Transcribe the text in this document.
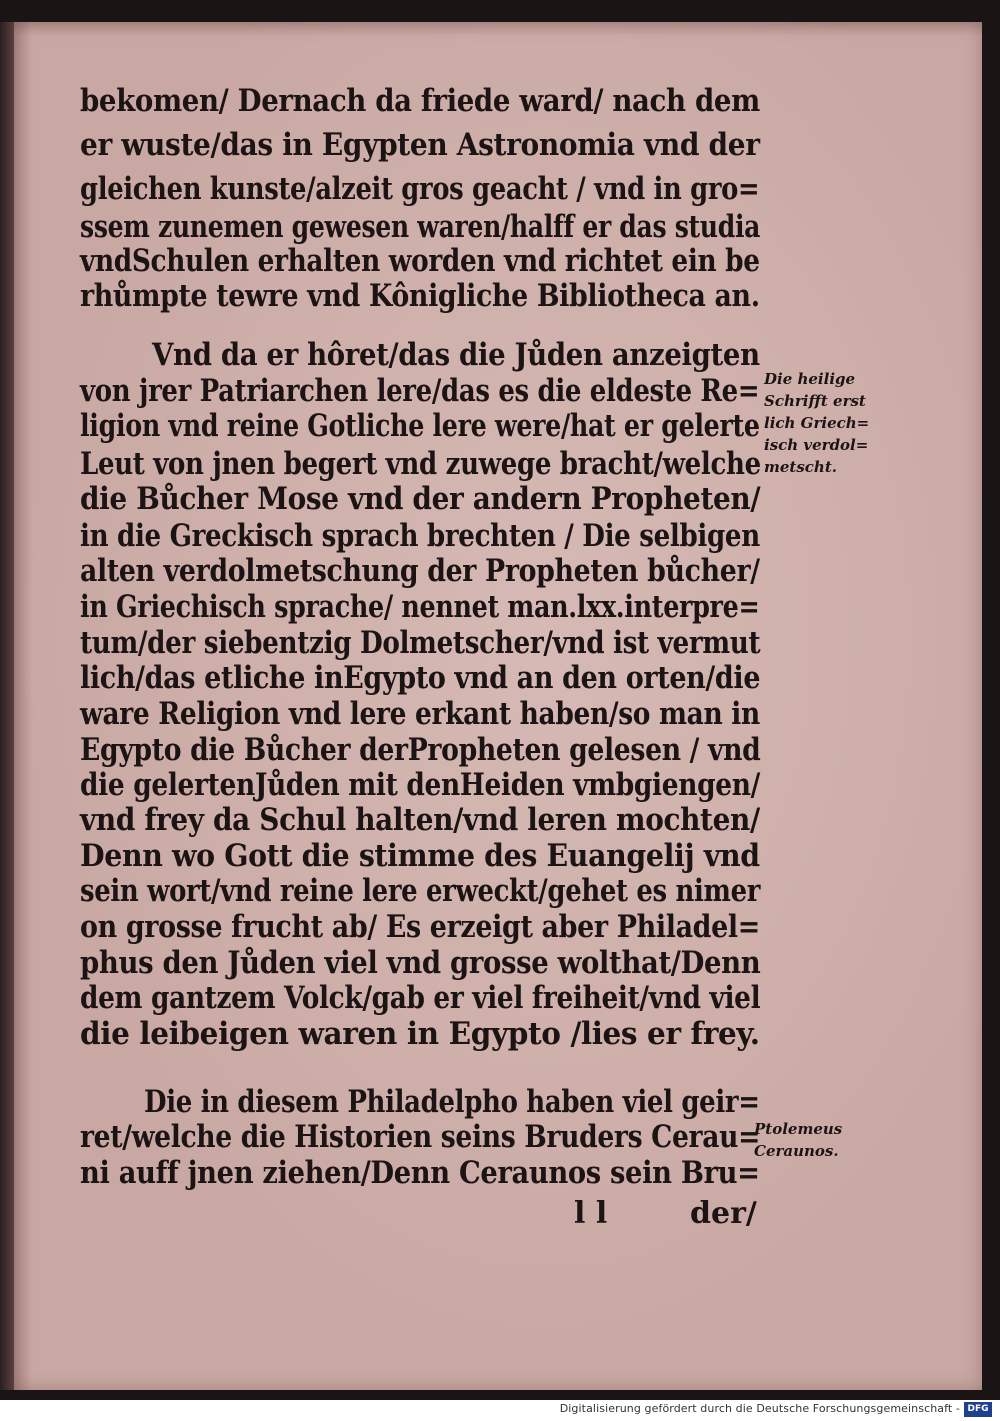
bekomen/ Dernach da friede ward/ nach dem
er wuste/das in Egypten Astronomia vnd der
gleichen kunste/alzeit gros geacht / vnd in gro=
ssem zunemen gewesen waren/halff er das studia
vndSchulen erhalten worden vnd richtet ein be
rhůmpte tewre vnd Kônigliche Bibliotheca an.
Vnd da er hôret/das die Jůden anzeigten
von jrer Patriarchen lere/das es die eldeste Re=
ligion vnd reine Gotliche lere were/hat er gelerte
Leut von jnen begert vnd zuwege bracht/welche
die Bůcher Mose vnd der andern Propheten/
in die Greckisch sprach brechten / Die selbigen
alten verdolmetschung der Propheten bůcher/
in Griechisch sprache/ nennet man.lxx.interpre=
tum/der siebentzig Dolmetscher/vnd ist vermut
lich/das etliche inEgypto vnd an den orten/die
ware Religion vnd lere erkant haben/so man in
Egypto die Bůcher derPropheten gelesen / vnd
die gelertenJůden mit denHeiden vmbgiengen/
vnd frey da Schul halten/vnd leren mochten/
Denn wo Gott die stimme des Euangelij vnd
sein wort/vnd reine lere erweckt/gehet es nimer
on grosse frucht ab/ Es erzeigt aber Philadel=
phus den Jůden viel vnd grosse wolthat/Denn
dem gantzem Volck/gab er viel freiheit/vnd viel
die leibeigen waren in Egypto /lies er frey.
Die in diesem Philadelpho haben viel geir=
ret/welche die Historien seins Bruders Cerau=
ni auff jnen ziehen/Denn Ceraunos sein Bru=
Die heilige
Schrifft erst
lich Griech=
isch verdol=
metscht.
Ptolemeus
Ceraunos.
l l	der/
Digitalisierung gefördert durch die Deutsche Forschungsgemeinschaft - DFG
